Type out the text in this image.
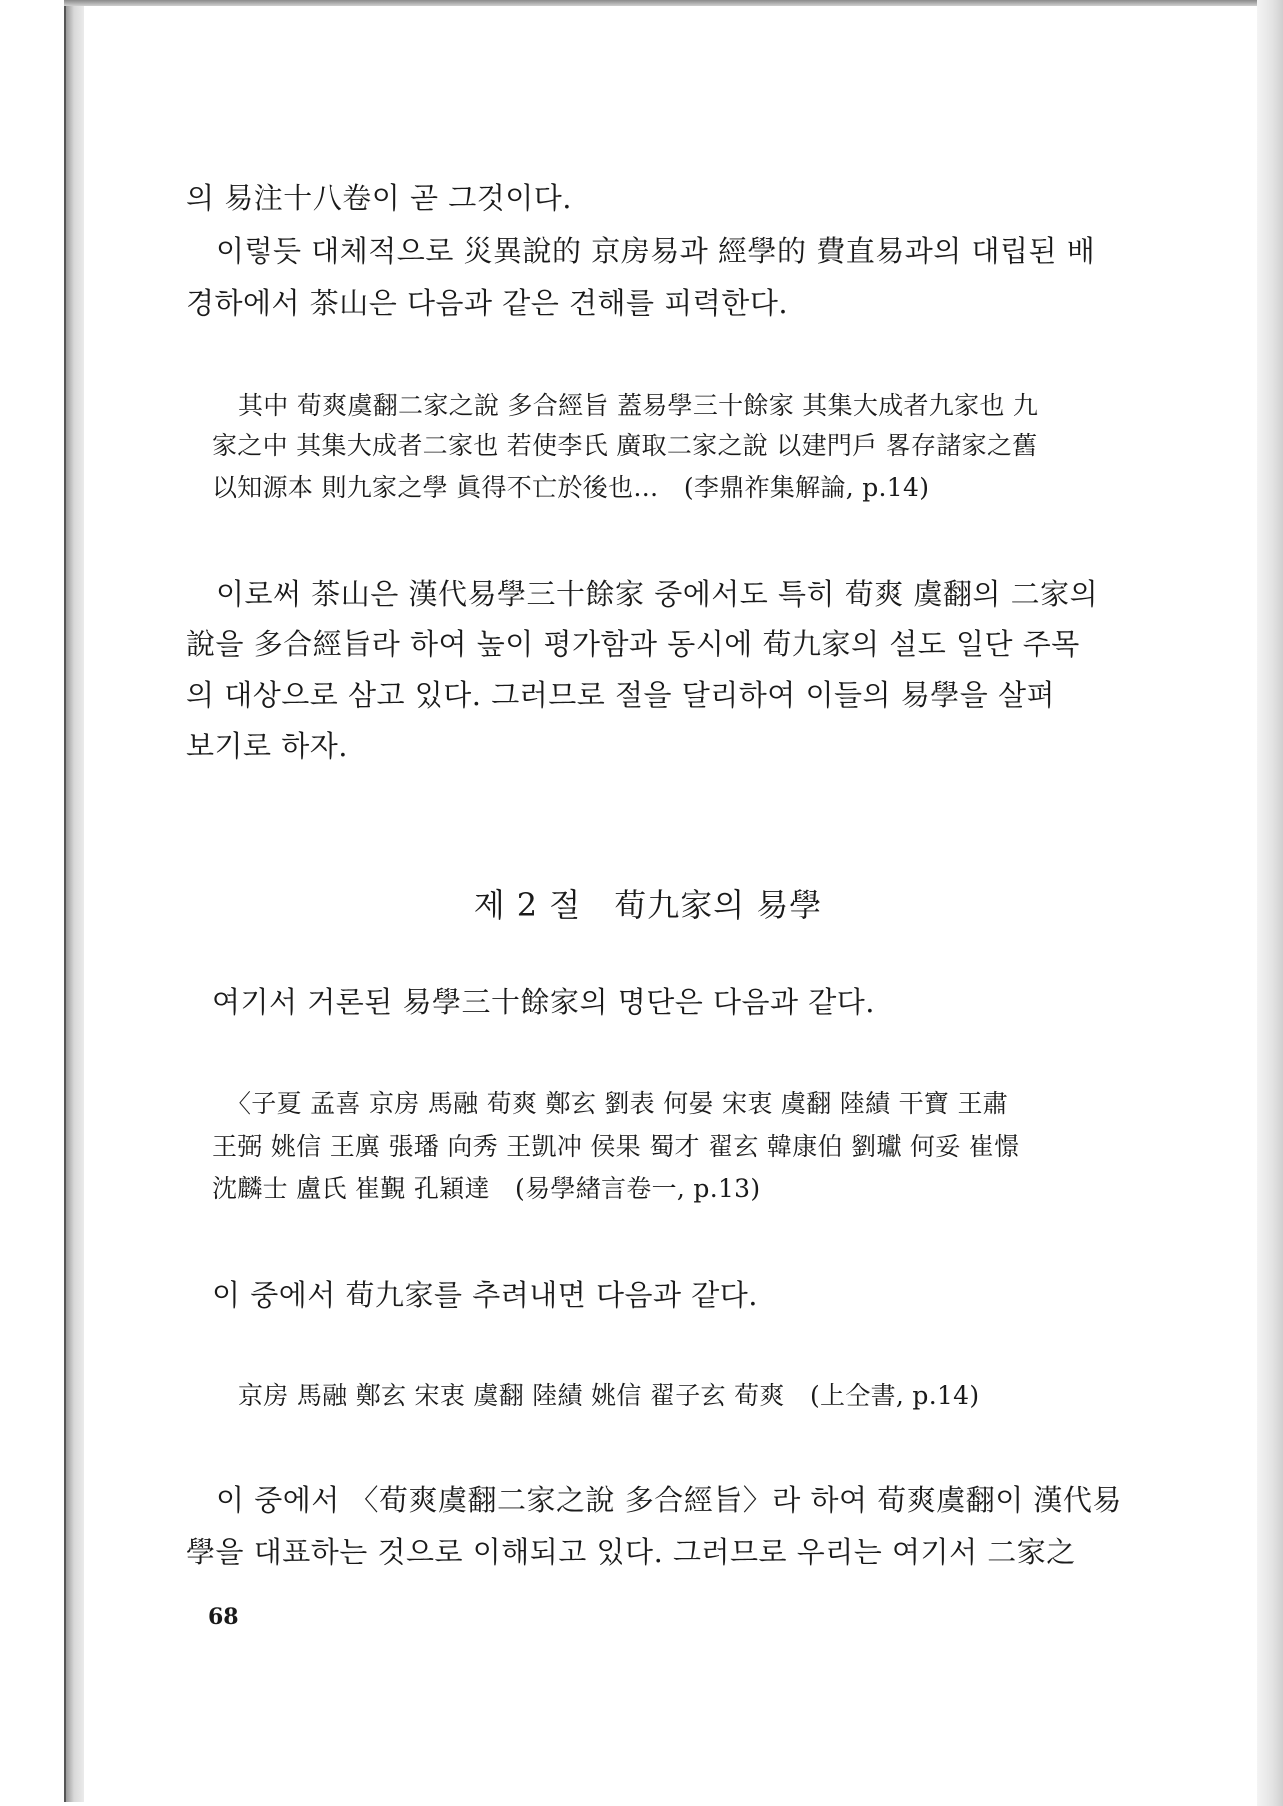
의 易注十八卷이 곧 그것이다.
이렇듯 대체적으로 災異說的 京房易과 經學的 費直易과의 대립된 배
경하에서 茶山은 다음과 같은 견해를 피력한다.
其中 荀爽虞翻二家之說 多合經旨 蓋易學三十餘家 其集大成者九家也 九
家之中 其集大成者二家也 若使李氏 廣取二家之說 以建門戶 畧存諸家之舊
以知源本 則九家之學 眞得不亡於後也…　(李鼎祚集解論, p.14)
이로써 茶山은 漢代易學三十餘家 중에서도 특히 荀爽 虞翻의 二家의
說을 多合經旨라 하여 높이 평가함과 동시에 荀九家의 설도 일단 주목
의 대상으로 삼고 있다. 그러므로 절을 달리하여 이들의 易學을 살펴
보기로 하자.
제 2 절　荀九家의 易學
여기서 거론된 易學三十餘家의 명단은 다음과 같다.
〈子夏 孟喜 京房 馬融 荀爽 鄭玄 劉表 何晏 宋衷 虞翻 陸績 干寶 王肅
王弼 姚信 王廙 張璠 向秀 王凱冲 侯果 蜀才 翟玄 韓康伯 劉瓛 何妥 崔憬
沈麟士 盧氏 崔覲 孔穎達　(易學緖言卷一, p.13)
이 중에서 荀九家를 추려내면 다음과 같다.
京房 馬融 鄭玄 宋衷 虞翻 陸績 姚信 翟子玄 荀爽　(上仝書, p.14)
이 중에서 〈荀爽虞翻二家之說 多合經旨〉라 하여 荀爽虞翻이 漢代易
學을 대표하는 것으로 이해되고 있다. 그러므로 우리는 여기서 二家之
68
